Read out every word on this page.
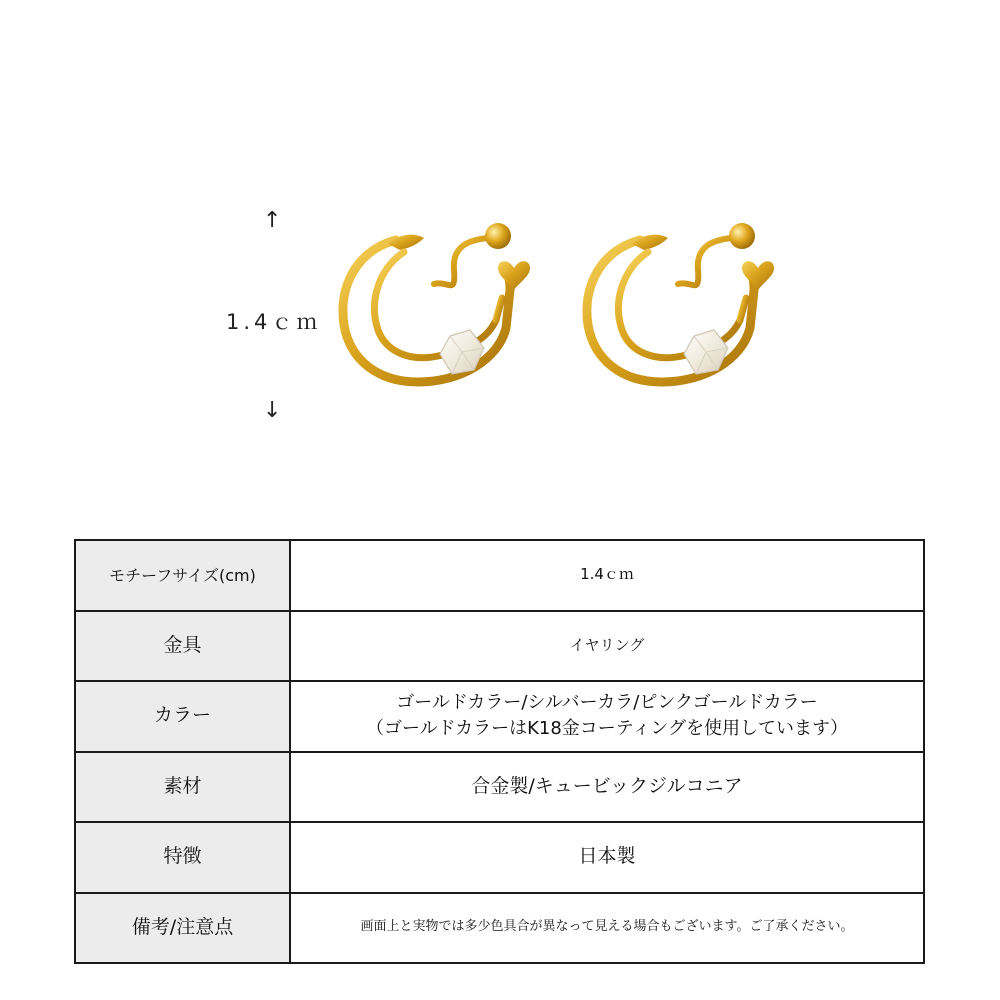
↑
1.4ｃｍ
↓
モチーフサイズ(cm)	1.4ｃｍ
金具	イヤリング
カラー	ゴールドカラー/シルバーカラ/ピンクゴールドカラー
（ゴールドカラーはK18金コーティングを使用しています）

素材	合金製/キュービックジルコニア
特徴	日本製
備考/注意点	画面上と実物では多少色具合が異なって見える場合もございます。ご了承ください。
